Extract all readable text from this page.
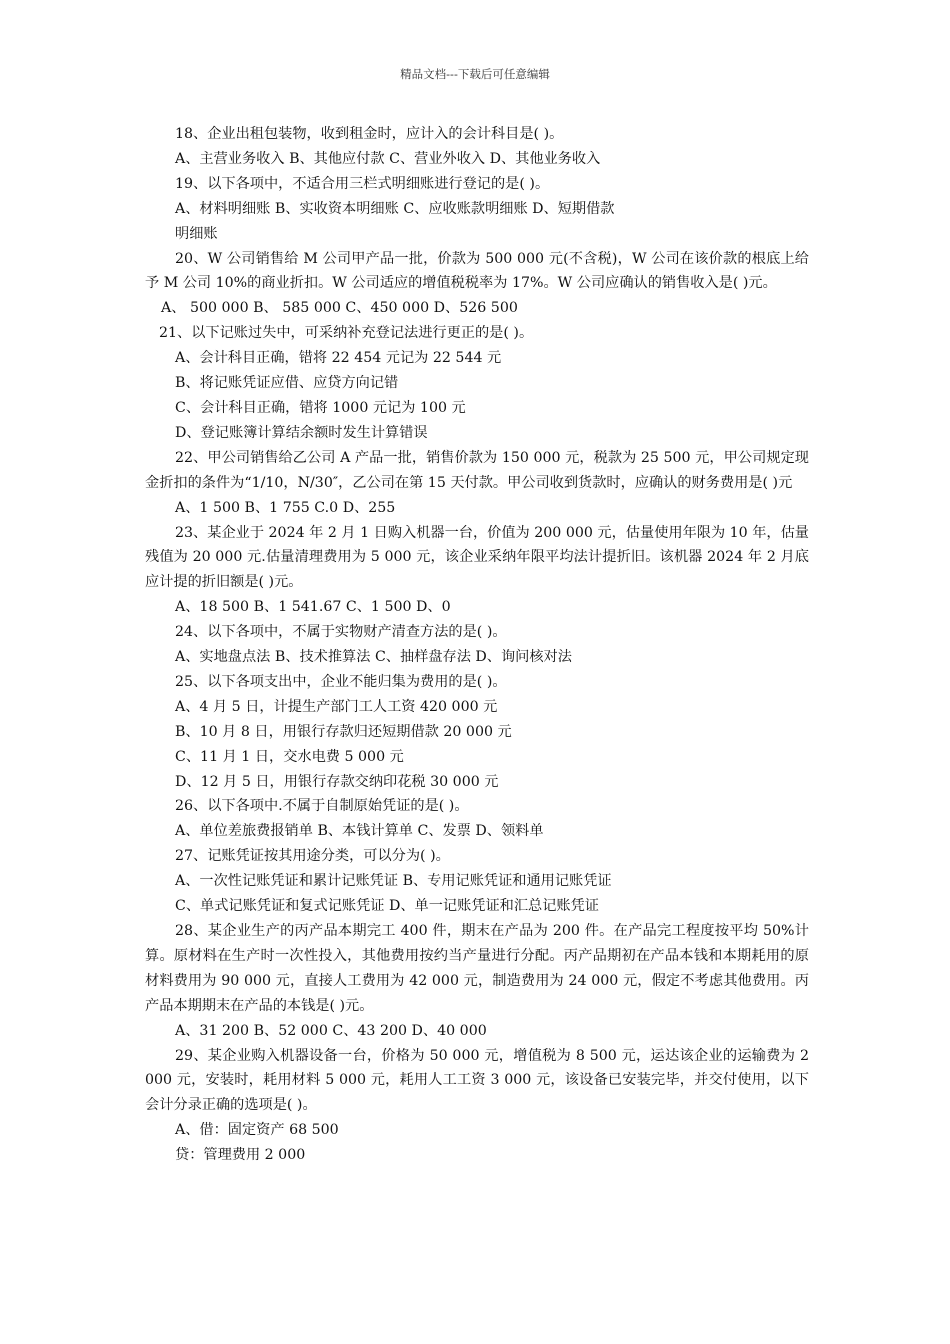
精品文档---下载后可任意编辑
18、企业出租包装物，收到租金时，应计入的会计科目是( )。
A、主营业务收入 B、其他应付款 C、营业外收入 D、其他业务收入
19、以下各项中，不适合用三栏式明细账进行登记的是( )。
A、材料明细账 B、实收资本明细账 C、应收账款明细账 D、短期借款
明细账
20、W 公司销售给 M 公司甲产品一批，价款为 500 000 元(不含税)，W 公司在该价款的根底上给予 M 公司 10%的商业折扣。W 公司适应的增值税税率为 17%。W 公司应确认的销售收入是( )元。
A、 500 000 B、 585 000 C、450 000 D、526 500
21、以下记账过失中，可采纳补充登记法进行更正的是( )。
A、会计科目正确，错将 22 454 元记为 22 544 元
B、将记账凭证应借、应贷方向记错
C、会计科目正确，错将 1000 元记为 100 元
D、登记账簿计算结余额时发生计算错误
22、甲公司销售给乙公司 A 产品一批，销售价款为 150 000 元，税款为 25 500 元，甲公司规定现金折扣的条件为“1/10，N/30″，乙公司在第 15 天付款。甲公司收到货款时，应确认的财务费用是( )元
A、1 500 B、1 755 C.0 D、255
23、某企业于 2024 年 2 月 1 日购入机器一台，价值为 200 000 元，估量使用年限为 10 年，估量残值为 20 000 元.估量清理费用为 5 000 元，该企业采纳年限平均法计提折旧。该机器 2024 年 2 月底应计提的折旧额是( )元。
A、18 500 B、1 541.67 C、1 500 D、0
24、以下各项中，不属于实物财产清查方法的是( )。
A、实地盘点法 B、技术推算法 C、抽样盘存法 D、询问核对法
25、以下各项支出中，企业不能归集为费用的是( )。
A、4 月 5 日，计提生产部门工人工资 420 000 元
B、10 月 8 日，用银行存款归还短期借款 20 000 元
C、11 月 1 日，交水电费 5 000 元
D、12 月 5 日，用银行存款交纳印花税 30 000 元
26、以下各项中.不属于自制原始凭证的是( )。
A、单位差旅费报销单 B、本钱计算单 C、发票 D、领料单
27、记账凭证按其用途分类，可以分为( )。
A、一次性记账凭证和累计记账凭证 B、专用记账凭证和通用记账凭证
C、单式记账凭证和复式记账凭证 D、单一记账凭证和汇总记账凭证
28、某企业生产的丙产品本期完工 400 件，期末在产品为 200 件。在产品完工程度按平均 50%计算。原材料在生产时一次性投入，其他费用按约当产量进行分配。丙产品期初在产品本钱和本期耗用的原材料费用为 90 000 元，直接人工费用为 42 000 元，制造费用为 24 000 元，假定不考虑其他费用。丙产品本期期末在产品的本钱是( )元。
A、31 200 B、52 000 C、43 200 D、40 000
29、某企业购入机器设备一台，价格为 50 000 元，增值税为 8 500 元，运达该企业的运输费为 2 000 元，安装时，耗用材料 5 000 元，耗用人工工资 3 000 元，该设备已安装完毕，并交付使用，以下会计分录正确的选项是( )。
A、借：固定资产 68 500
贷：管理费用 2 000
